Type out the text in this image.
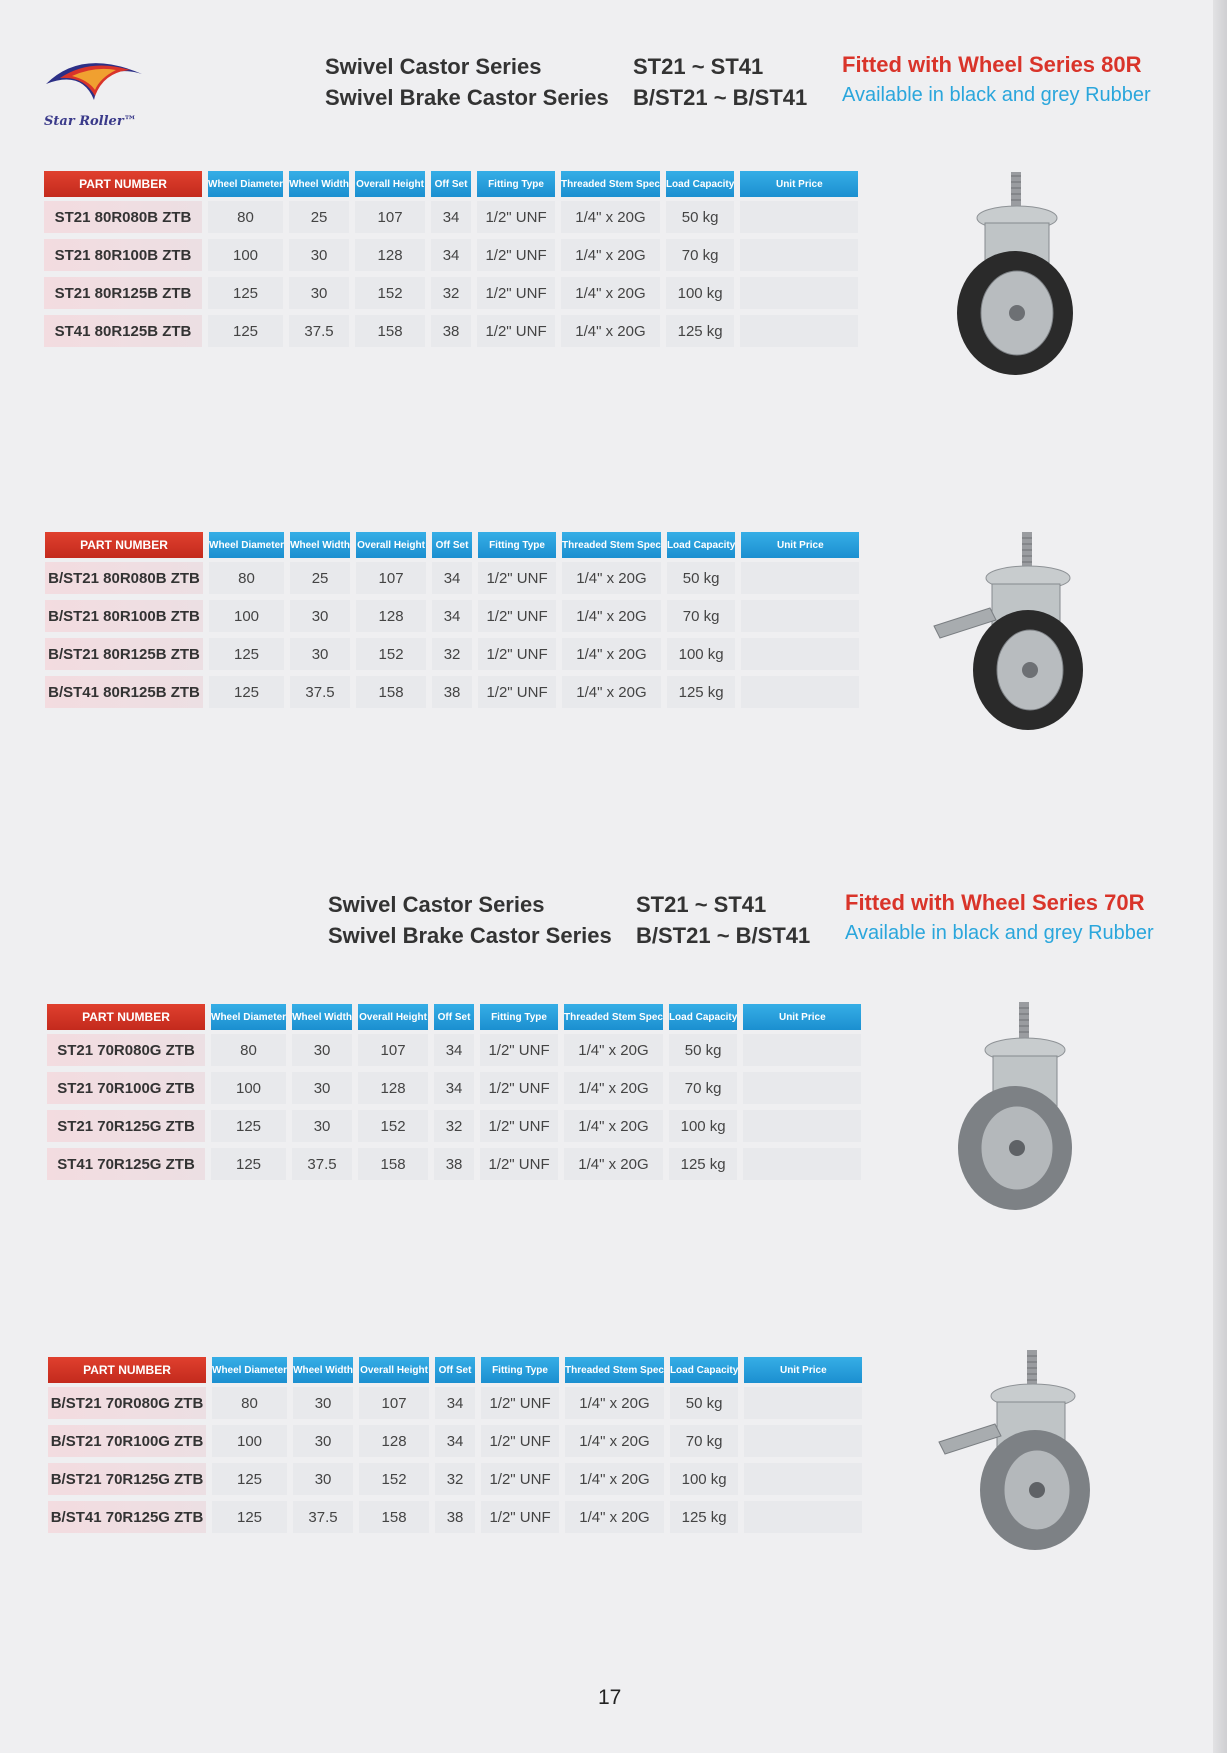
Star Roller™
Swivel Castor Series
Swivel Brake Castor Series
ST21 ~ ST41
B/ST21 ~ B/ST41
Fitted with Wheel Series 80R
Available in black and grey Rubber
Swivel Castor Series
Swivel Brake Castor Series
ST21 ~ ST41
B/ST21 ~ B/ST41
Fitted with Wheel Series 70R
Available in black and grey Rubber
PART NUMBER	Wheel Diameter	Wheel Width	Overall Height	Off Set	Fitting Type	Threaded Stem Spec	Load Capacity	Unit Price
ST21 80R080B ZTB	80	25	107	34	1/2" UNF	1/4" x 20G	50 kg	
ST21 80R100B ZTB	100	30	128	34	1/2" UNF	1/4" x 20G	70 kg	
ST21 80R125B ZTB	125	30	152	32	1/2" UNF	1/4" x 20G	100 kg	
ST41 80R125B ZTB	125	37.5	158	38	1/2" UNF	1/4" x 20G	125 kg	
PART NUMBER	Wheel Diameter	Wheel Width	Overall Height	Off Set	Fitting Type	Threaded Stem Spec	Load Capacity	Unit Price
B/ST21 80R080B ZTB	80	25	107	34	1/2" UNF	1/4" x 20G	50 kg	
B/ST21 80R100B ZTB	100	30	128	34	1/2" UNF	1/4" x 20G	70 kg	
B/ST21 80R125B ZTB	125	30	152	32	1/2" UNF	1/4" x 20G	100 kg	
B/ST41 80R125B ZTB	125	37.5	158	38	1/2" UNF	1/4" x 20G	125 kg	
PART NUMBER	Wheel Diameter	Wheel Width	Overall Height	Off Set	Fitting Type	Threaded Stem Spec	Load Capacity	Unit Price
ST21 70R080G ZTB	80	30	107	34	1/2" UNF	1/4" x 20G	50 kg	
ST21 70R100G ZTB	100	30	128	34	1/2" UNF	1/4" x 20G	70 kg	
ST21 70R125G ZTB	125	30	152	32	1/2" UNF	1/4" x 20G	100 kg	
ST41 70R125G ZTB	125	37.5	158	38	1/2" UNF	1/4" x 20G	125 kg	
PART NUMBER	Wheel Diameter	Wheel Width	Overall Height	Off Set	Fitting Type	Threaded Stem Spec	Load Capacity	Unit Price
B/ST21 70R080G ZTB	80	30	107	34	1/2" UNF	1/4" x 20G	50 kg	
B/ST21 70R100G ZTB	100	30	128	34	1/2" UNF	1/4" x 20G	70 kg	
B/ST21 70R125G ZTB	125	30	152	32	1/2" UNF	1/4" x 20G	100 kg	
B/ST41 70R125G ZTB	125	37.5	158	38	1/2" UNF	1/4" x 20G	125 kg	
17
